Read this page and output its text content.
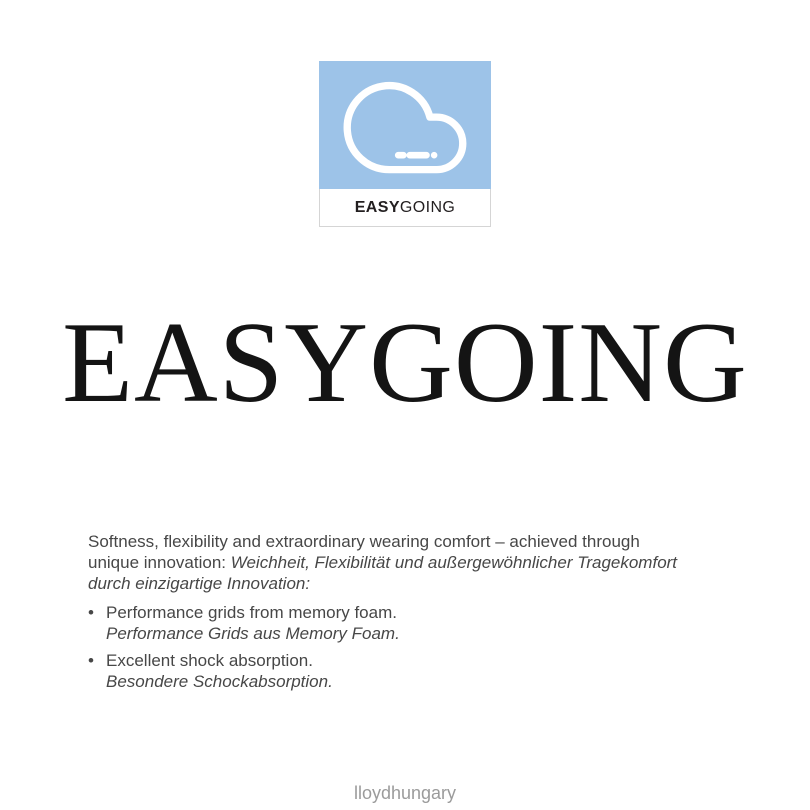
EASY GOING
EASYGOING
Softness, flexibility and extraordinary wearing comfort – achieved through
unique innovation: Weichheit, Flexibilität und außergewöhnlicher Tragekomfort
durch einzigartige Innovation:
• Performance grids from memory foam.
Performance Grids aus Memory Foam.
• Excellent shock absorption.
Besondere Schockabsorption.
lloydhungary
